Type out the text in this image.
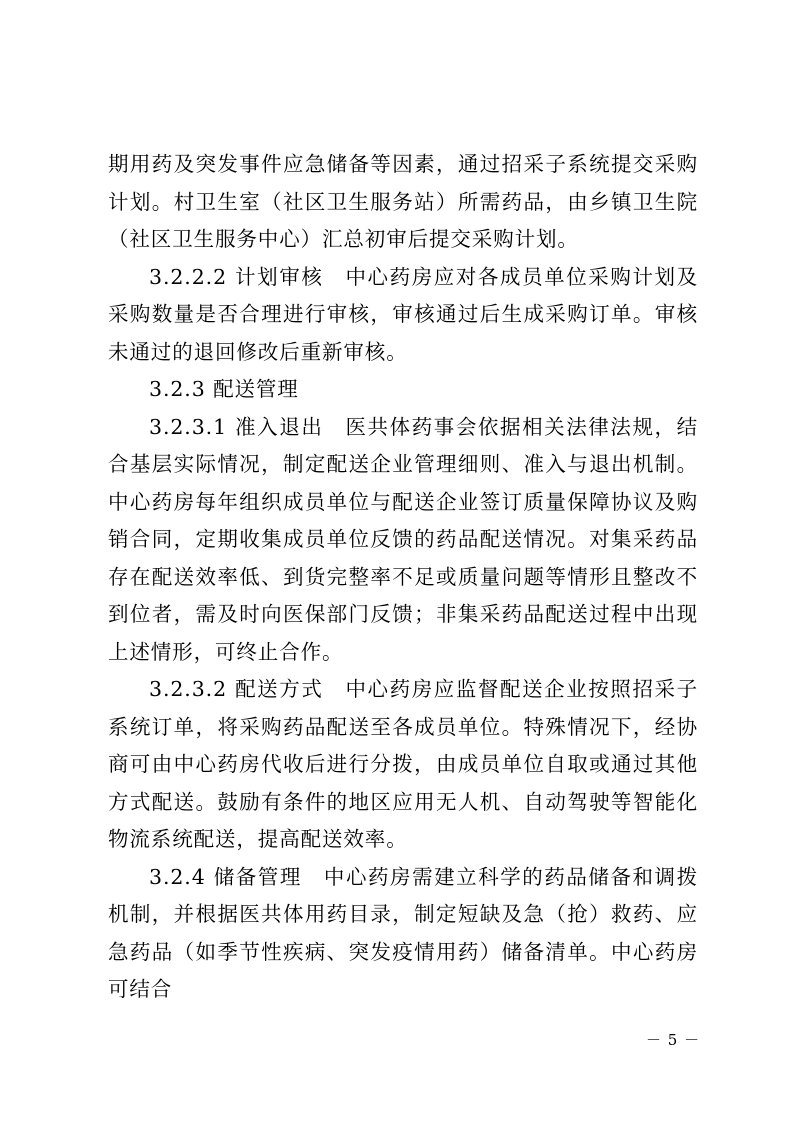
期用药及突发事件应急储备等因素，通过招采子系统提交采购计划。村卫生室（社区卫生服务站）所需药品，由乡镇卫生院（社区卫生服务中心）汇总初审后提交采购计划。

3.2.2.2 计划审核　中心药房应对各成员单位采购计划及采购数量是否合理进行审核，审核通过后生成采购订单。审核未通过的退回修改后重新审核。

3.2.3 配送管理

3.2.3.1 准入退出　医共体药事会依据相关法律法规，结合基层实际情况，制定配送企业管理细则、准入与退出机制。中心药房每年组织成员单位与配送企业签订质量保障协议及购销合同，定期收集成员单位反馈的药品配送情况。对集采药品存在配送效率低、到货完整率不足或质量问题等情形且整改不到位者，需及时向医保部门反馈；非集采药品配送过程中出现上述情形，可终止合作。

3.2.3.2 配送方式　中心药房应监督配送企业按照招采子系统订单，将采购药品配送至各成员单位。特殊情况下，经协商可由中心药房代收后进行分拨，由成员单位自取或通过其他方式配送。鼓励有条件的地区应用无人机、自动驾驶等智能化物流系统配送，提高配送效率。

3.2.4 储备管理　中心药房需建立科学的药品储备和调拨机制，并根据医共体用药目录，制定短缺及急（抢）救药、应急药品（如季节性疾病、突发疫情用药）储备清单。中心药房可结合

－ 5 －
